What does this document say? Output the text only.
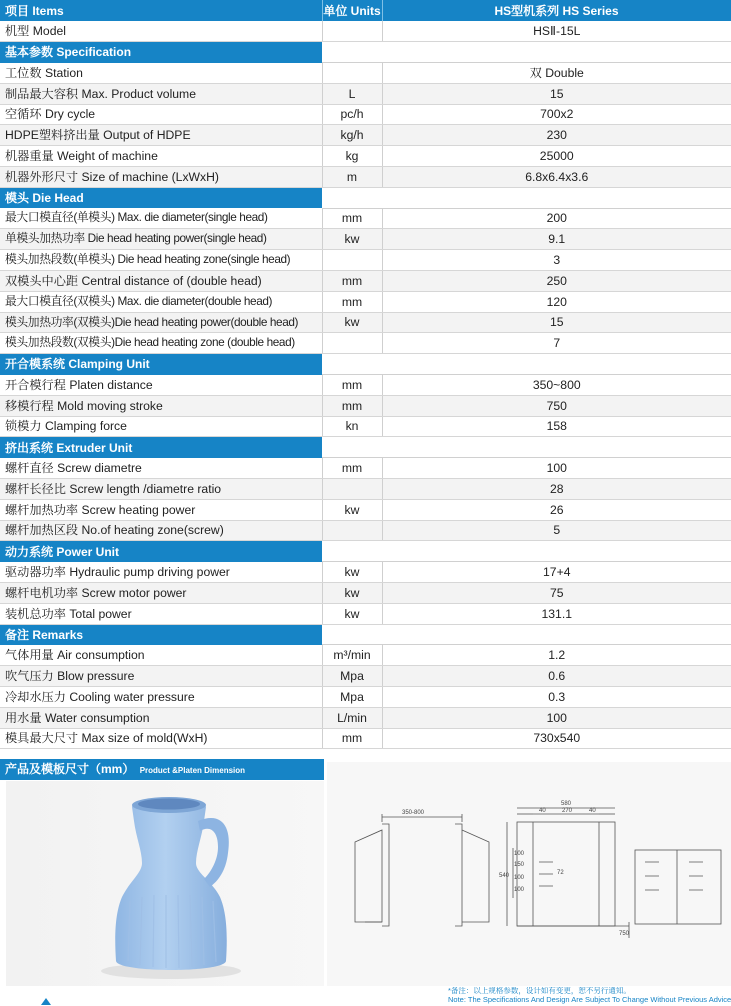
项目 Items	单位 Units	HS型机系列 HS Series
机型 Model		HSⅡ-15L
基本参数 Specification		
工位数 Station		双 Double
制品最大容积 Max. Product volume	L	15
空循环 Dry cycle	pc/h	700x2
HDPE塑料挤出量 Output of HDPE	kg/h	230
机器重量 Weight of machine	kg	25000
机器外形尺寸 Size of machine (LxWxH)	m	6.8x6.4x3.6
模头 Die Head		
最大口模直径(单模头) Max. die diameter(single head)	mm	200
单模头加热功率 Die head heating power(single head)	kw	9.1
模头加热段数(单模头) Die head heating zone(single head)		3
双模头中心距 Central distance of (double head)	mm	250
最大口模直径(双模头) Max. die diameter(double head)	mm	120
模头加热功率(双模头)Die head heating power(double head)	kw	15
模头加热段数(双模头)Die head heating zone (double head)		7
开合模系统 Clamping Unit		
开合模行程 Platen distance	mm	350~800
移模行程 Mold moving stroke	mm	750
锁模力 Clamping force	kn	158
挤出系统 Extruder Unit		
螺杆直径 Screw diametre	mm	100
螺杆长径比 Screw length /diametre ratio		28
螺杆加热功率 Screw heating power	kw	26
螺杆加热区段 No.of heating zone(screw)		5
动力系统 Power Unit		
驱动器功率 Hydraulic pump driving power	kw	17+4
螺杆电机功率 Screw motor power	kw	75
装机总功率 Total power	kw	131.1
备注 Remarks		
气体用量 Air consumption	m³/min	1.2
吹气压力 Blow pressure	Mpa	0.6
冷却水压力 Cooling water pressure	Mpa	0.3
用水量 Water consumption	L/min	100
模具最大尺寸 Max size of mold(WxH)	mm	730x540
产品及模板尺寸（mm） Product &Platen Dimension
350-800
580
40	270	40
540	72
100
150
100
100
750
*备注：以上规格参数，设计如有变更，恕不另行通知。
Note: The Specifications And Design Are Subject To Change Without Previous Advice
